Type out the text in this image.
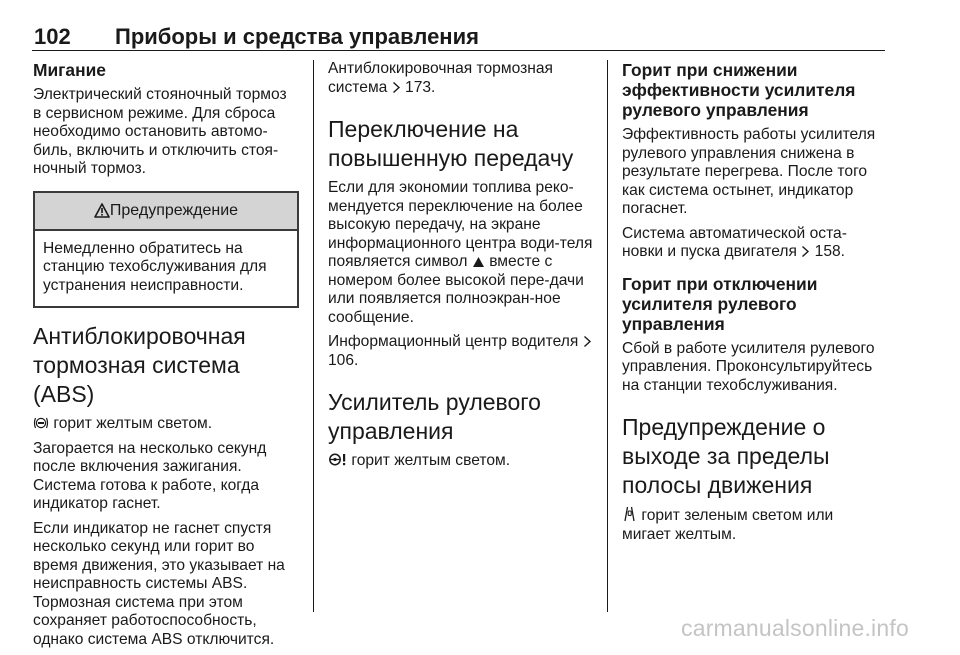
102 Приборы и средства управления
Мигание

Электрический стояночный тормоз в сервисном режиме. Для сброса необходимо остановить автомо-биль, включить и отключить стоя-ночный тормоз.

Предупреждение

Немедленно обратитесь на станцию техобслуживания для устранения неисправности.

Антиблокировочная тормозная система (ABS)

горит желтым светом.

Загорается на несколько секунд после включения зажигания. Система готова к работе, когда индикатор гаснет.

Если индикатор не гаснет спустя несколько секунд или горит во время движения, это указывает на неисправность системы ABS. Тормозная система при этом сохраняет работоспособность, однако система ABS отключится.

Антиблокировочная тормозная система 173.

Переключение на повышенную передачу

Если для экономии топлива реко-мендуется переключение на более высокую передачу, на экране информационного центра води-теля появляется символ вместе с номером более высокой пере-дачи или появляется полноэкран-ное сообщение.

Информационный центр водителя  106.

Усилитель рулевого управления

горит желтым светом.

Горит при снижении эффективности усилителя рулевого управления

Эффективность работы усилителя рулевого управления снижена в результате перегрева. После того как система остынет, индикатор погаснет.

Система автоматической оста-новки и пуска двигателя 158.

Горит при отключении усилителя рулевого управления

Сбой в работе усилителя рулевого управления. Проконсультируйтесь на станции техобслуживания.

Предупреждение о выходе за пределы полосы движения

горит зеленым светом или мигает желтым.

carmanualsonline.info
